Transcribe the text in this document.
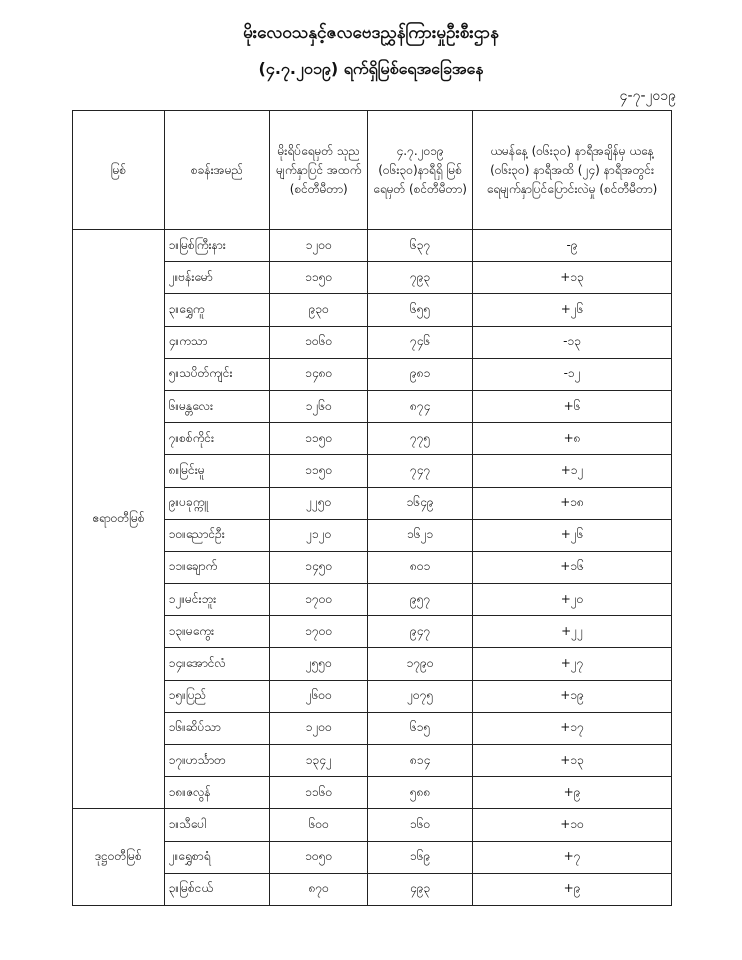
မိုးလေဝသနှင့်ဇလဗေဒညွှန်ကြားမှုဦးစီးဌာန
(၄.၇.၂၀၁၉) ရက်ရှိမြစ်ရေအခြေအနေ
၄-၇-၂၀၁၉
မြစ်	စခန်းအမည်	မိုးရိပ်ရေမှတ် သုည မျက်နှာပြင် အထက် (စင်တီမီတာ)	၄.၇.၂၀၁၉ (၀၆း၃၀)နာရီရှိ မြစ်ရေမှတ် (စင်တီမီတာ)	ယမန်နေ့ (၀၆း၃၀) နာရီအချိန်မှ ယနေ့ (၀၆း၃၀) နာရီအထိ (၂၄) နာရီအတွင်း ရေမျက်နှာပြင်ပြောင်းလဲမှု (စင်တီမီတာ)
ဧရာဝတီမြစ်	၁။မြစ်ကြီးနား	၁၂၀၀	၆၃၇	-၉
	၂။ဗန်းမော်	၁၁၅၀	၇၉၃	+၁၃
	၃။ရွှေကူ	၉၃၀	၆၅၅	+၂၆
	၄။ကသာ	၁၀၆၀	၇၄၆	-၁၃
	၅။သပိတ်ကျင်း	၁၄၈၀	၉၈၁	-၁၂
	၆။မန္တလေး	၁၂၆၀	၈၇၄	+၆
	၇။စစ်ကိုင်း	၁၁၅၀	၇၇၅	+၈
	၈။မြင်းမူ	၁၁၅၀	၇၄၇	+၁၂
	၉။ပခုက္ကူ	၂၂၅၀	၁၆၄၉	+၁၈
	၁၀။ညောင်ဦး	၂၁၂၀	၁၆၂၁	+၂၆
	၁၁။ချောက်	၁၄၅၀	၈၀၁	+၁၆
	၁၂။မင်းဘူး	၁၇၀၀	၉၅၇	+၂၀
	၁၃။မကွေး	၁၇၀၀	၉၄၇	+၂၂
	၁၄။အောင်လံ	၂၅၅၀	၁၇၉၀	+၂၇
	၁၅။ပြည်	၂၆၀၀	၂၀၇၅	+၁၉
	၁၆။ဆိပ်သာ	၁၂၀၀	၆၁၅	+၁၇
	၁၇။ဟင်္သာတ	၁၃၄၂	၈၁၄	+၁၃
	၁၈။ဇလွန်	၁၁၆၀	၅၈၈	+၉
ဒုဋ္ဌဝတီမြစ်	၁။သီပေါ	၆၀၀	၁၆၀	+၁၀
	၂။ရွှေစာရံ	၁၀၅၀	၁၆၉	+၇
	၃။မြစ်ငယ်	၈၇၀	၄၉၃	+၉
